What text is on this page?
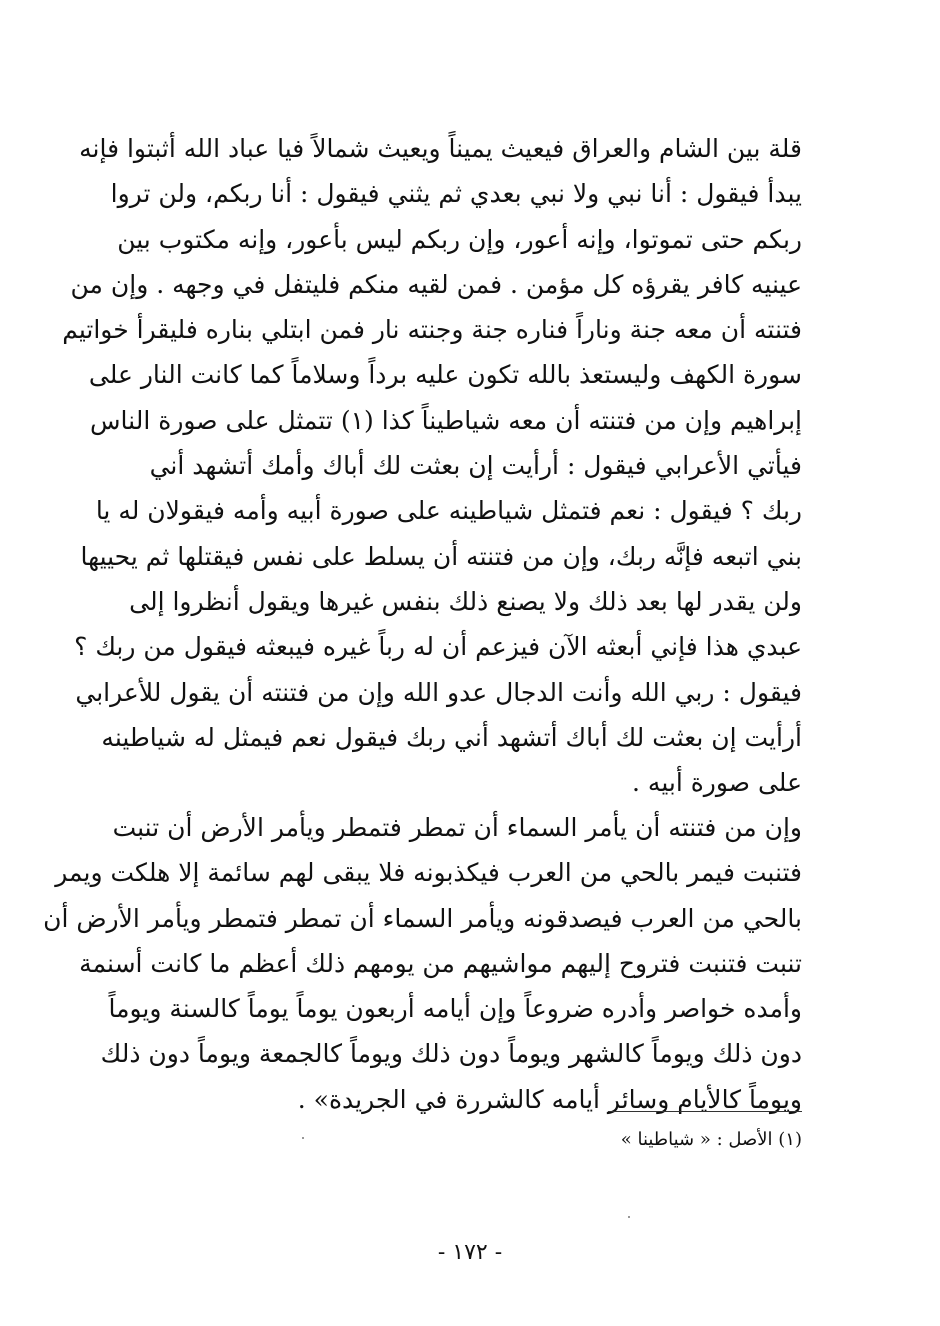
قلة بين الشام والعراق فيعيث يميناً ويعيث شمالاً فيا عباد الله أثبتوا فإنه
يبدأ فيقول : أنا نبي ولا نبي بعدي ثم يثني فيقول : أنا ربكم، ولن تروا
ربكم حتى تموتوا، وإنه أعور، وإن ربكم ليس بأعور، وإنه مكتوب بين
عينيه كافر يقرؤه كل مؤمن . فمن لقيه منكم فليتفل في وجهه . وإن من
فتنته أن معه جنة وناراً فناره جنة وجنته نار فمن ابتلي بناره فليقرأ خواتيم
سورة الكهف وليستعذ بالله تكون عليه برداً وسلاماً كما كانت النار على
إبراهيم وإن من فتنته أن معه شياطيناً كذا (١) تتمثل على صورة الناس
فيأتي الأعرابي فيقول : أرأيت إن بعثت لك أباك وأمك أتشهد أني
ربك ؟ فيقول : نعم فتمثل شياطينه على صورة أبيه وأمه فيقولان له يا
بني اتبعه فإنَّه ربك، وإن من فتنته أن يسلط على نفس فيقتلها ثم يحييها
ولن يقدر لها بعد ذلك ولا يصنع ذلك بنفس غيرها ويقول أنظروا إلى
عبدي هذا فإني أبعثه الآن فيزعم أن له رباً غيره فيبعثه فيقول من ربك ؟
فيقول : ربي الله وأنت الدجال عدو الله وإن من فتنته أن يقول للأعرابي
أرأيت إن بعثت لك أباك أتشهد أني ربك فيقول نعم فيمثل له شياطينه
على صورة أبيه .
وإن من فتنته أن يأمر السماء أن تمطر فتمطر ويأمر الأرض أن تنبت
فتنبت فيمر بالحي من العرب فيكذبونه فلا يبقى لهم سائمة إلا هلكت ويمر
بالحي من العرب فيصدقونه ويأمر السماء أن تمطر فتمطر ويأمر الأرض أن
تنبت فتنبت فتروح إليهم مواشيهم من يومهم ذلك أعظم ما كانت أسنمة
وأمده خواصر وأدره ضروعاً وإن أيامه أربعون يوماً يوماً كالسنة ويوماً
دون ذلك ويوماً كالشهر ويوماً دون ذلك ويوماً كالجمعة ويوماً دون ذلك
ويوماً كالأيام وسائر أيامه كالشررة في الجريدة» .
(١) الأصل : « شياطينا »
- ١٧٢ -
